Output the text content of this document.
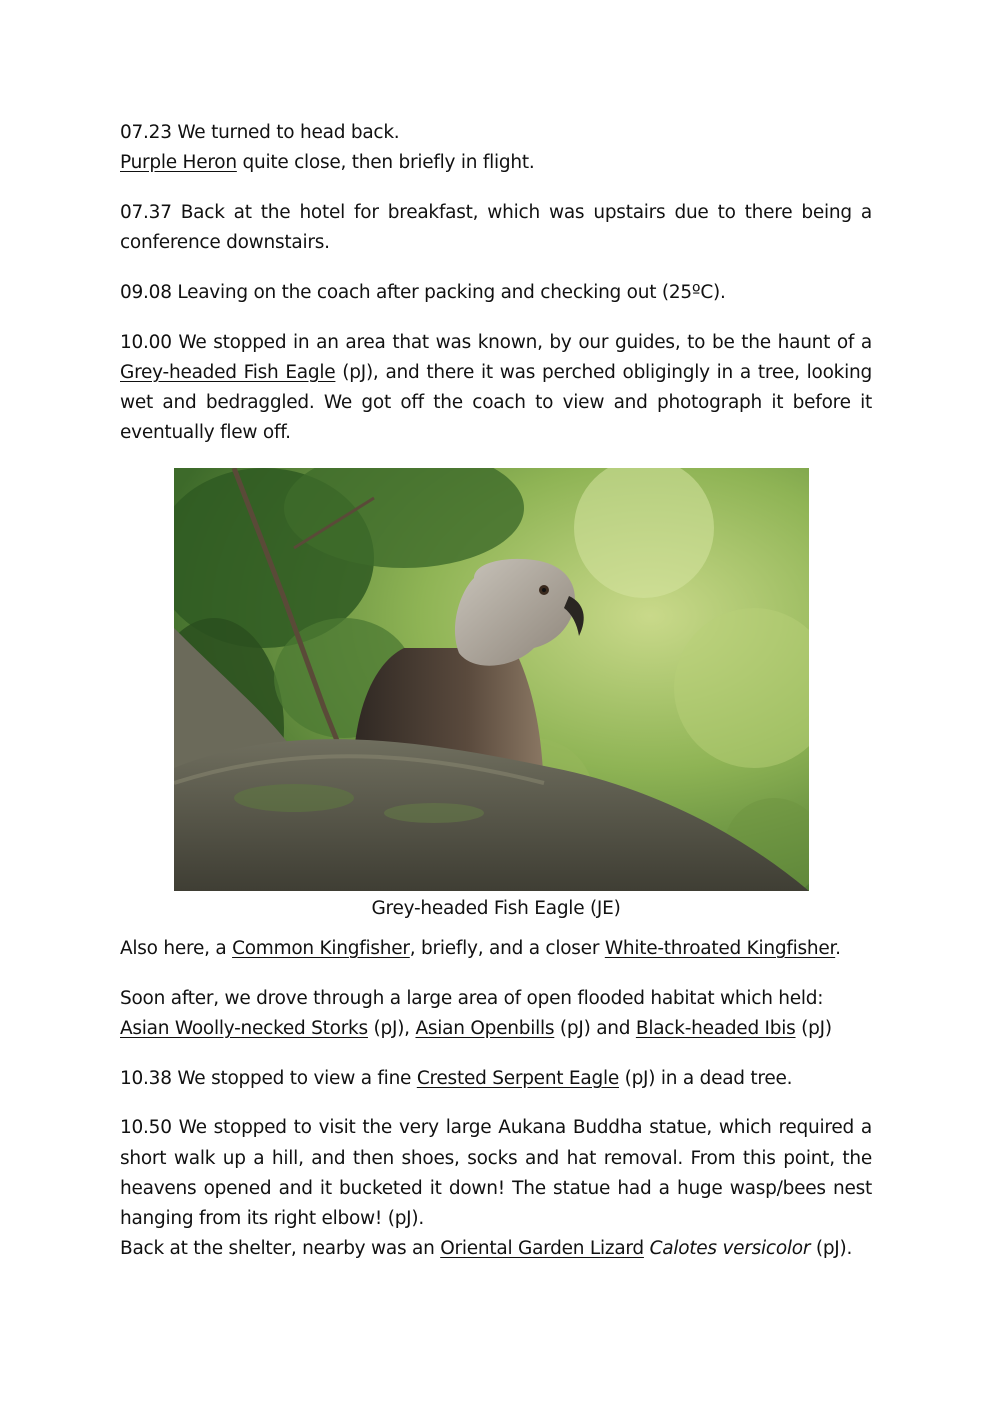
07.23 We turned to head back.
Purple Heron quite close, then briefly in flight.

07.37 Back at the hotel for breakfast, which was upstairs due to there being a conference downstairs.

09.08 Leaving on the coach after packing and checking out (25ºC).

10.00 We stopped in an area that was known, by our guides, to be the haunt of a Grey-headed Fish Eagle (pJ), and there it was perched obligingly in a tree, looking wet and bedraggled. We got off the coach to view and photograph it before it eventually flew off.

Grey-headed Fish Eagle (JE)

Also here, a Common Kingfisher, briefly, and a closer White-throated Kingfisher.

Soon after, we drove through a large area of open flooded habitat which held:
Asian Woolly-necked Storks (pJ), Asian Openbills (pJ) and Black-headed Ibis (pJ)

10.38 We stopped to view a fine Crested Serpent Eagle (pJ) in a dead tree.

10.50 We stopped to visit the very large Aukana Buddha statue, which required a short walk up a hill, and then shoes, socks and hat removal. From this point, the heavens opened and it bucketed it down! The statue had a huge wasp/bees nest hanging from its right elbow! (pJ).

Back at the shelter, nearby was an Oriental Garden Lizard Calotes versicolor (pJ).
